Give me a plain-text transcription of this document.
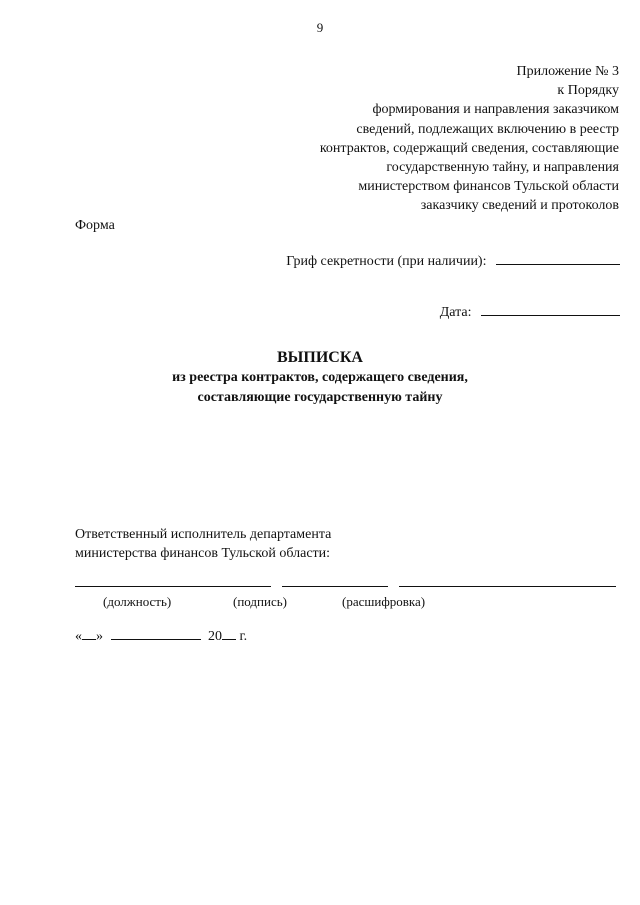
9
Приложение № 3
к Порядку
формирования и направления заказчиком
сведений, подлежащих включению в реестр
контрактов, содержащий сведения, составляющие
государственную тайну, и направления
министерством финансов Тульской области
заказчику сведений и протоколов
Форма
Гриф секретности (при наличии):
Дата:
ВЫПИСКА
из реестра контрактов, содержащего сведения,
составляющие государственную тайну
Ответственный исполнитель департамента
министерства финансов Тульской области:
(должность)	(подпись)	(расшифровка)
« »	20 г.
